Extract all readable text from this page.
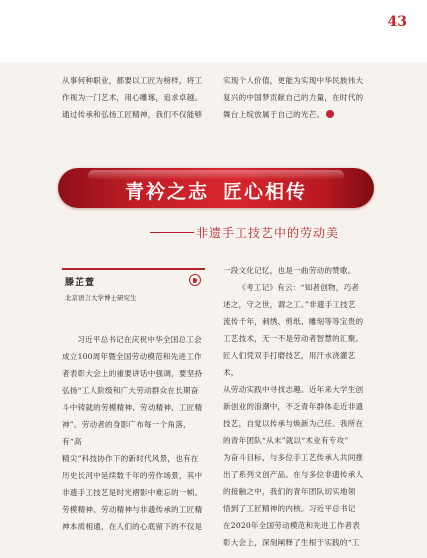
43

从事何种职业，都要以工匠为榜样，将工

作视为一门艺术，用心雕琢，追求卓越。

通过传承和弘扬工匠精神，我们不仅能够

实现个人价值，更能为实现中华民族伟大

复兴的中国梦贡献自己的力量，在时代的

舞台上绽放属于自己的光芒。

青衿之志 匠心相传
非遗手工技艺中的劳动美
滕芷萱
北京语言大学博士研究生

习近平总书记在庆祝中华全国总工会

成立100周年暨全国劳动模范和先进工作

者表彰大会上的重要讲话中强调，要坚持

弘扬“工人阶级和广大劳动群众在长期奋

斗中铸就的劳模精神、劳动精神、工匠精

神”。劳动者的身影广布每一个角落，有“高

精尖”科技协作下的新时代风景，也有在

历史长河中延续数千年的劳作场景，其中

非遗手工技艺是时光褶影中难忘的一帧。

劳模精神、劳动精神与非遗传承的工匠精

神本质相通，在人们的心底留下的不仅是

一段文化记忆，也是一曲劳动的赞歌。

《考工记》有云：“知者创物，巧者

述之，守之世，谓之工。”非遗手工技艺

流传千年，刺绣、剪纸、雕刻等等宝贵的

工艺技术，无一不是劳动者智慧的汇聚。

匠人们凭双手打磨技艺，用汗水浇灌艺术，

从劳动实践中寻找志趣。近年来大学生创

新创业的浪潮中，不乏青年群体走近非遗

技艺，自觉以传承与焕新为己任。我所在

的青年团队“从末”就以“术业有专攻”

为奋斗目标，与多位手工艺传承人共同推

出了系列文创产品。在与多位非遗传承人

的接触之中，我们的青年团队切实地领

悟到了工匠精神的内核。习近平总书记

在2020年全国劳动模范和先进工作者表

彰大会上，深刻阐释了生根于实践的“工
